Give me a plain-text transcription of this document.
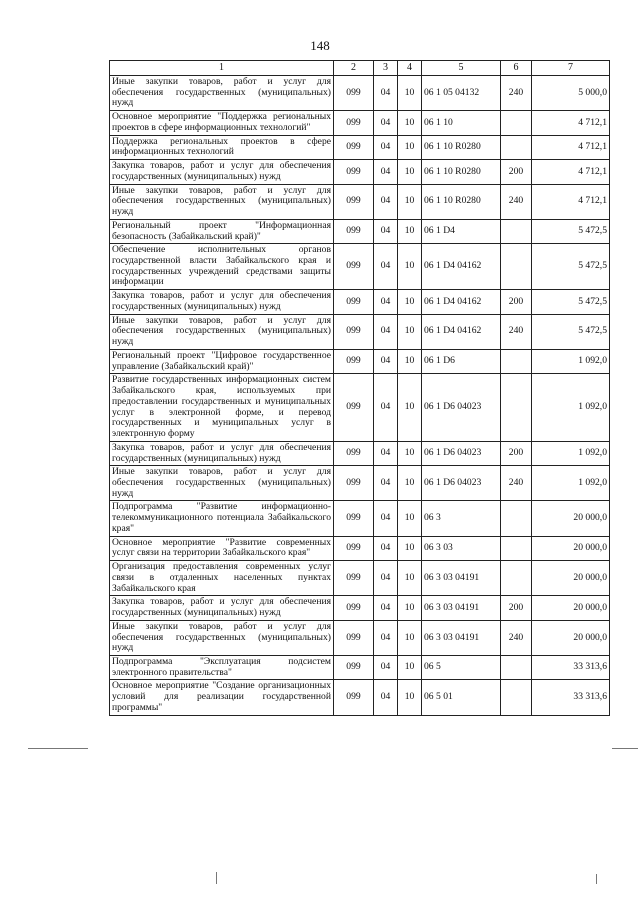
148
1	2	3	4	5	6	7
Иные закупки товаров, работ и услуг для обеспечения государственных (муниципальных) нужд	099	04	10	06 1 05 04132	240	5 000,0
Основное мероприятие "Поддержка региональных проектов в сфере информационных технологий"	099	04	10	06 1 10		4 712,1
Поддержка региональных проектов в сфере информационных технологий	099	04	10	06 1 10 R0280		4 712,1
Закупка товаров, работ и услуг для обеспечения государственных (муниципальных) нужд	099	04	10	06 1 10 R0280	200	4 712,1
Иные закупки товаров, работ и услуг для обеспечения государственных (муниципальных) нужд	099	04	10	06 1 10 R0280	240	4 712,1
Региональный проект "Информационная безопасность (Забайкальский край)"	099	04	10	06 1 D4		5 472,5
Обеспечение исполнительных органов государственной власти Забайкальского края и государственных учреждений средствами защиты информации	099	04	10	06 1 D4 04162		5 472,5
Закупка товаров, работ и услуг для обеспечения государственных (муниципальных) нужд	099	04	10	06 1 D4 04162	200	5 472,5
Иные закупки товаров, работ и услуг для обеспечения государственных (муниципальных) нужд	099	04	10	06 1 D4 04162	240	5 472,5
Региональный проект "Цифровое государственное управление (Забайкальский край)"	099	04	10	06 1 D6		1 092,0
Развитие государственных информационных систем Забайкальского края, используемых при предоставлении государственных и муниципальных услуг в электронной форме, и перевод государственных и муниципальных услуг в электронную форму	099	04	10	06 1 D6 04023		1 092,0
Закупка товаров, работ и услуг для обеспечения государственных (муниципальных) нужд	099	04	10	06 1 D6 04023	200	1 092,0
Иные закупки товаров, работ и услуг для обеспечения государственных (муниципальных) нужд	099	04	10	06 1 D6 04023	240	1 092,0
Подпрограмма "Развитие информационно-телекоммуникационного потенциала Забайкальского края"	099	04	10	06 3		20 000,0
Основное мероприятие "Развитие современных услуг связи на территории Забайкальского края"	099	04	10	06 3 03		20 000,0
Организация предоставления современных услуг связи в отдаленных населенных пунктах Забайкальского края	099	04	10	06 3 03 04191		20 000,0
Закупка товаров, работ и услуг для обеспечения государственных (муниципальных) нужд	099	04	10	06 3 03 04191	200	20 000,0
Иные закупки товаров, работ и услуг для обеспечения государственных (муниципальных) нужд	099	04	10	06 3 03 04191	240	20 000,0
Подпрограмма "Эксплуатация подсистем электронного правительства"	099	04	10	06 5		33 313,6
Основное мероприятие "Создание организационных условий для реализации государственной программы"	099	04	10	06 5 01		33 313,6
